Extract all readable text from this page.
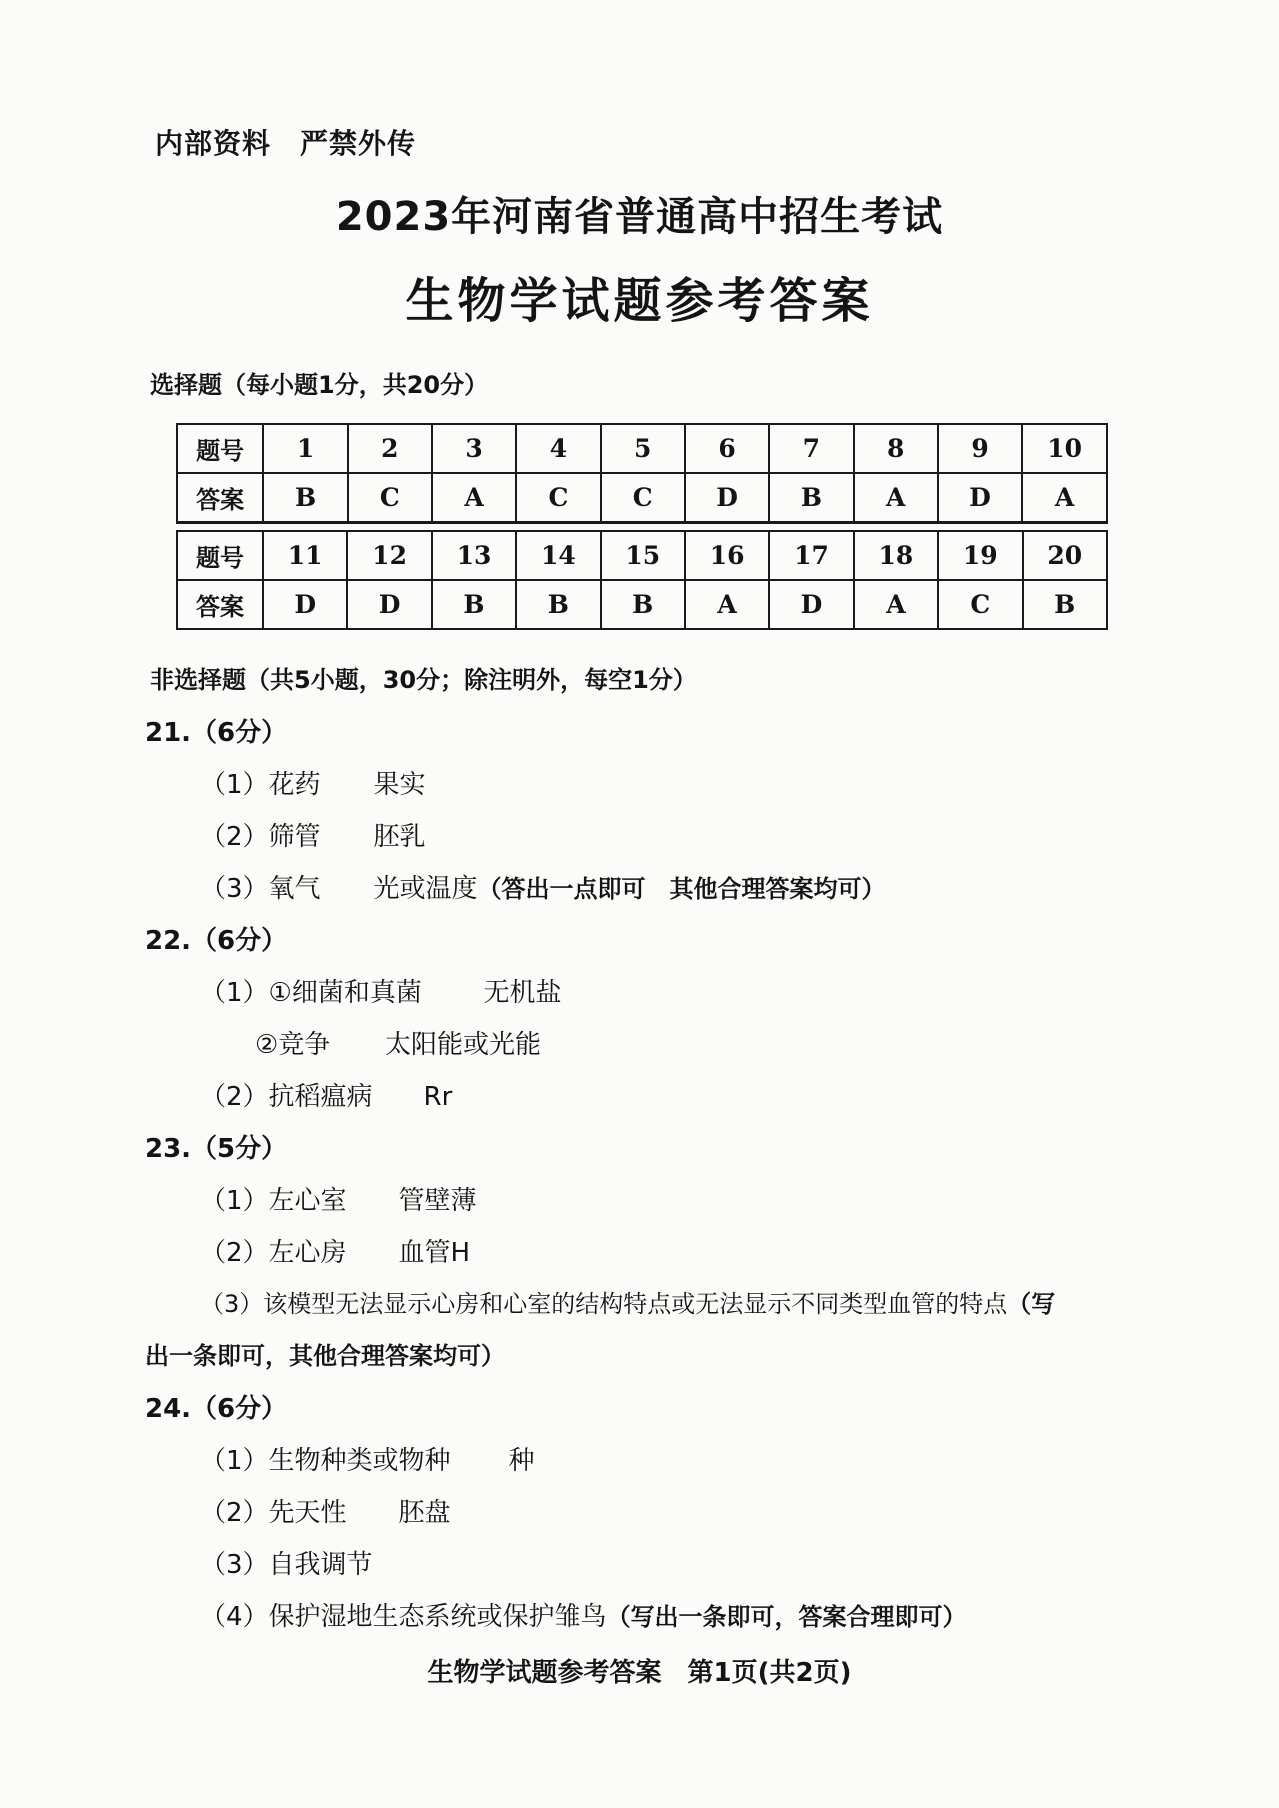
内部资料　严禁外传
2023年河南省普通高中招生考试
生物学试题参考答案
选择题（每小题1分，共20分）
题号	1	2	3	4	5	6	7	8	9	10
答案	B	C	A	C	C	D	B	A	D	A
题号	11	12	13	14	15	16	17	18	19	20
答案	D	D	B	B	B	A	D	A	C	B
非选择题（共5小题，30分；除注明外，每空1分）
21.（6分）
（1）花药 果实
（2）筛管 胚乳
（3）氧气 光或温度（答出一点即可　其他合理答案均可）
22.（6分）
（1）①细菌和真菌 无机盐
②竞争 太阳能或光能
（2）抗稻瘟病 Rr
23.（5分）
（1）左心室 管壁薄
（2）左心房 血管H
（3）该模型无法显示心房和心室的结构特点或无法显示不同类型血管的特点（写
出一条即可，其他合理答案均可）
24.（6分）
（1）生物种类或物种 种
（2）先天性 胚盘
（3）自我调节
（4）保护湿地生态系统或保护雏鸟（写出一条即可，答案合理即可）
生物学试题参考答案　第1页(共2页)
